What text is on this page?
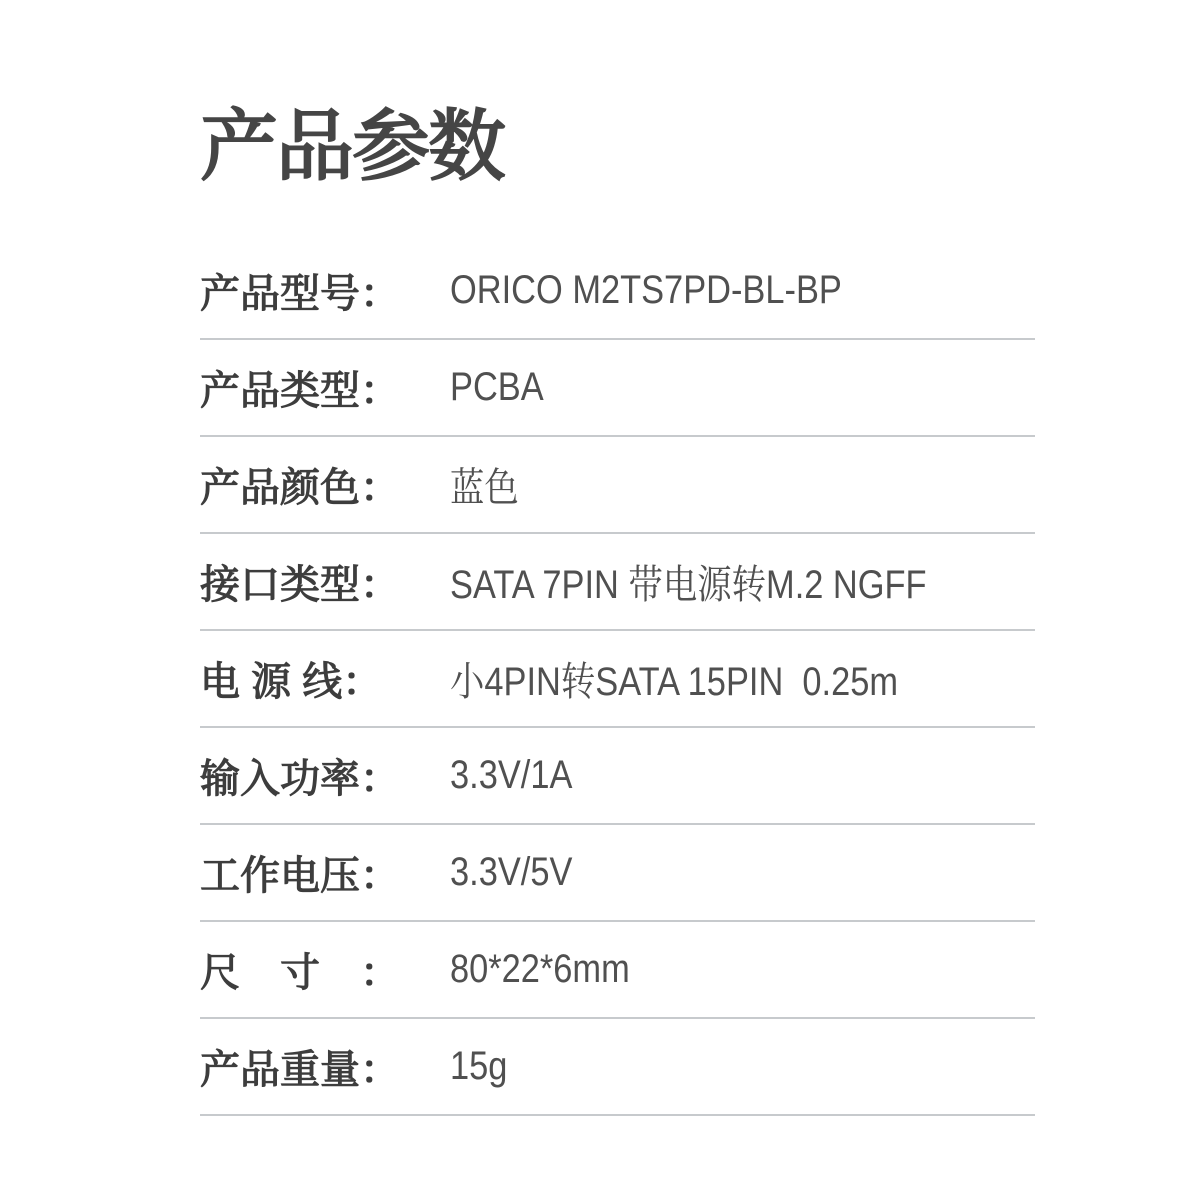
产品参数
产品型号： ORICO M2TS7PD-BL-BP
产品类型： PCBA
产品颜色： 蓝色
接口类型： SATA 7PIN 带电源转M.2 NGFF
电 源 线：	小4PIN转SATA 15PIN  0.25m
输入功率： 3.3V/1A
工作电压： 3.3V/5V
尺　寸　： 80*22*6mm
产品重量： 15g
